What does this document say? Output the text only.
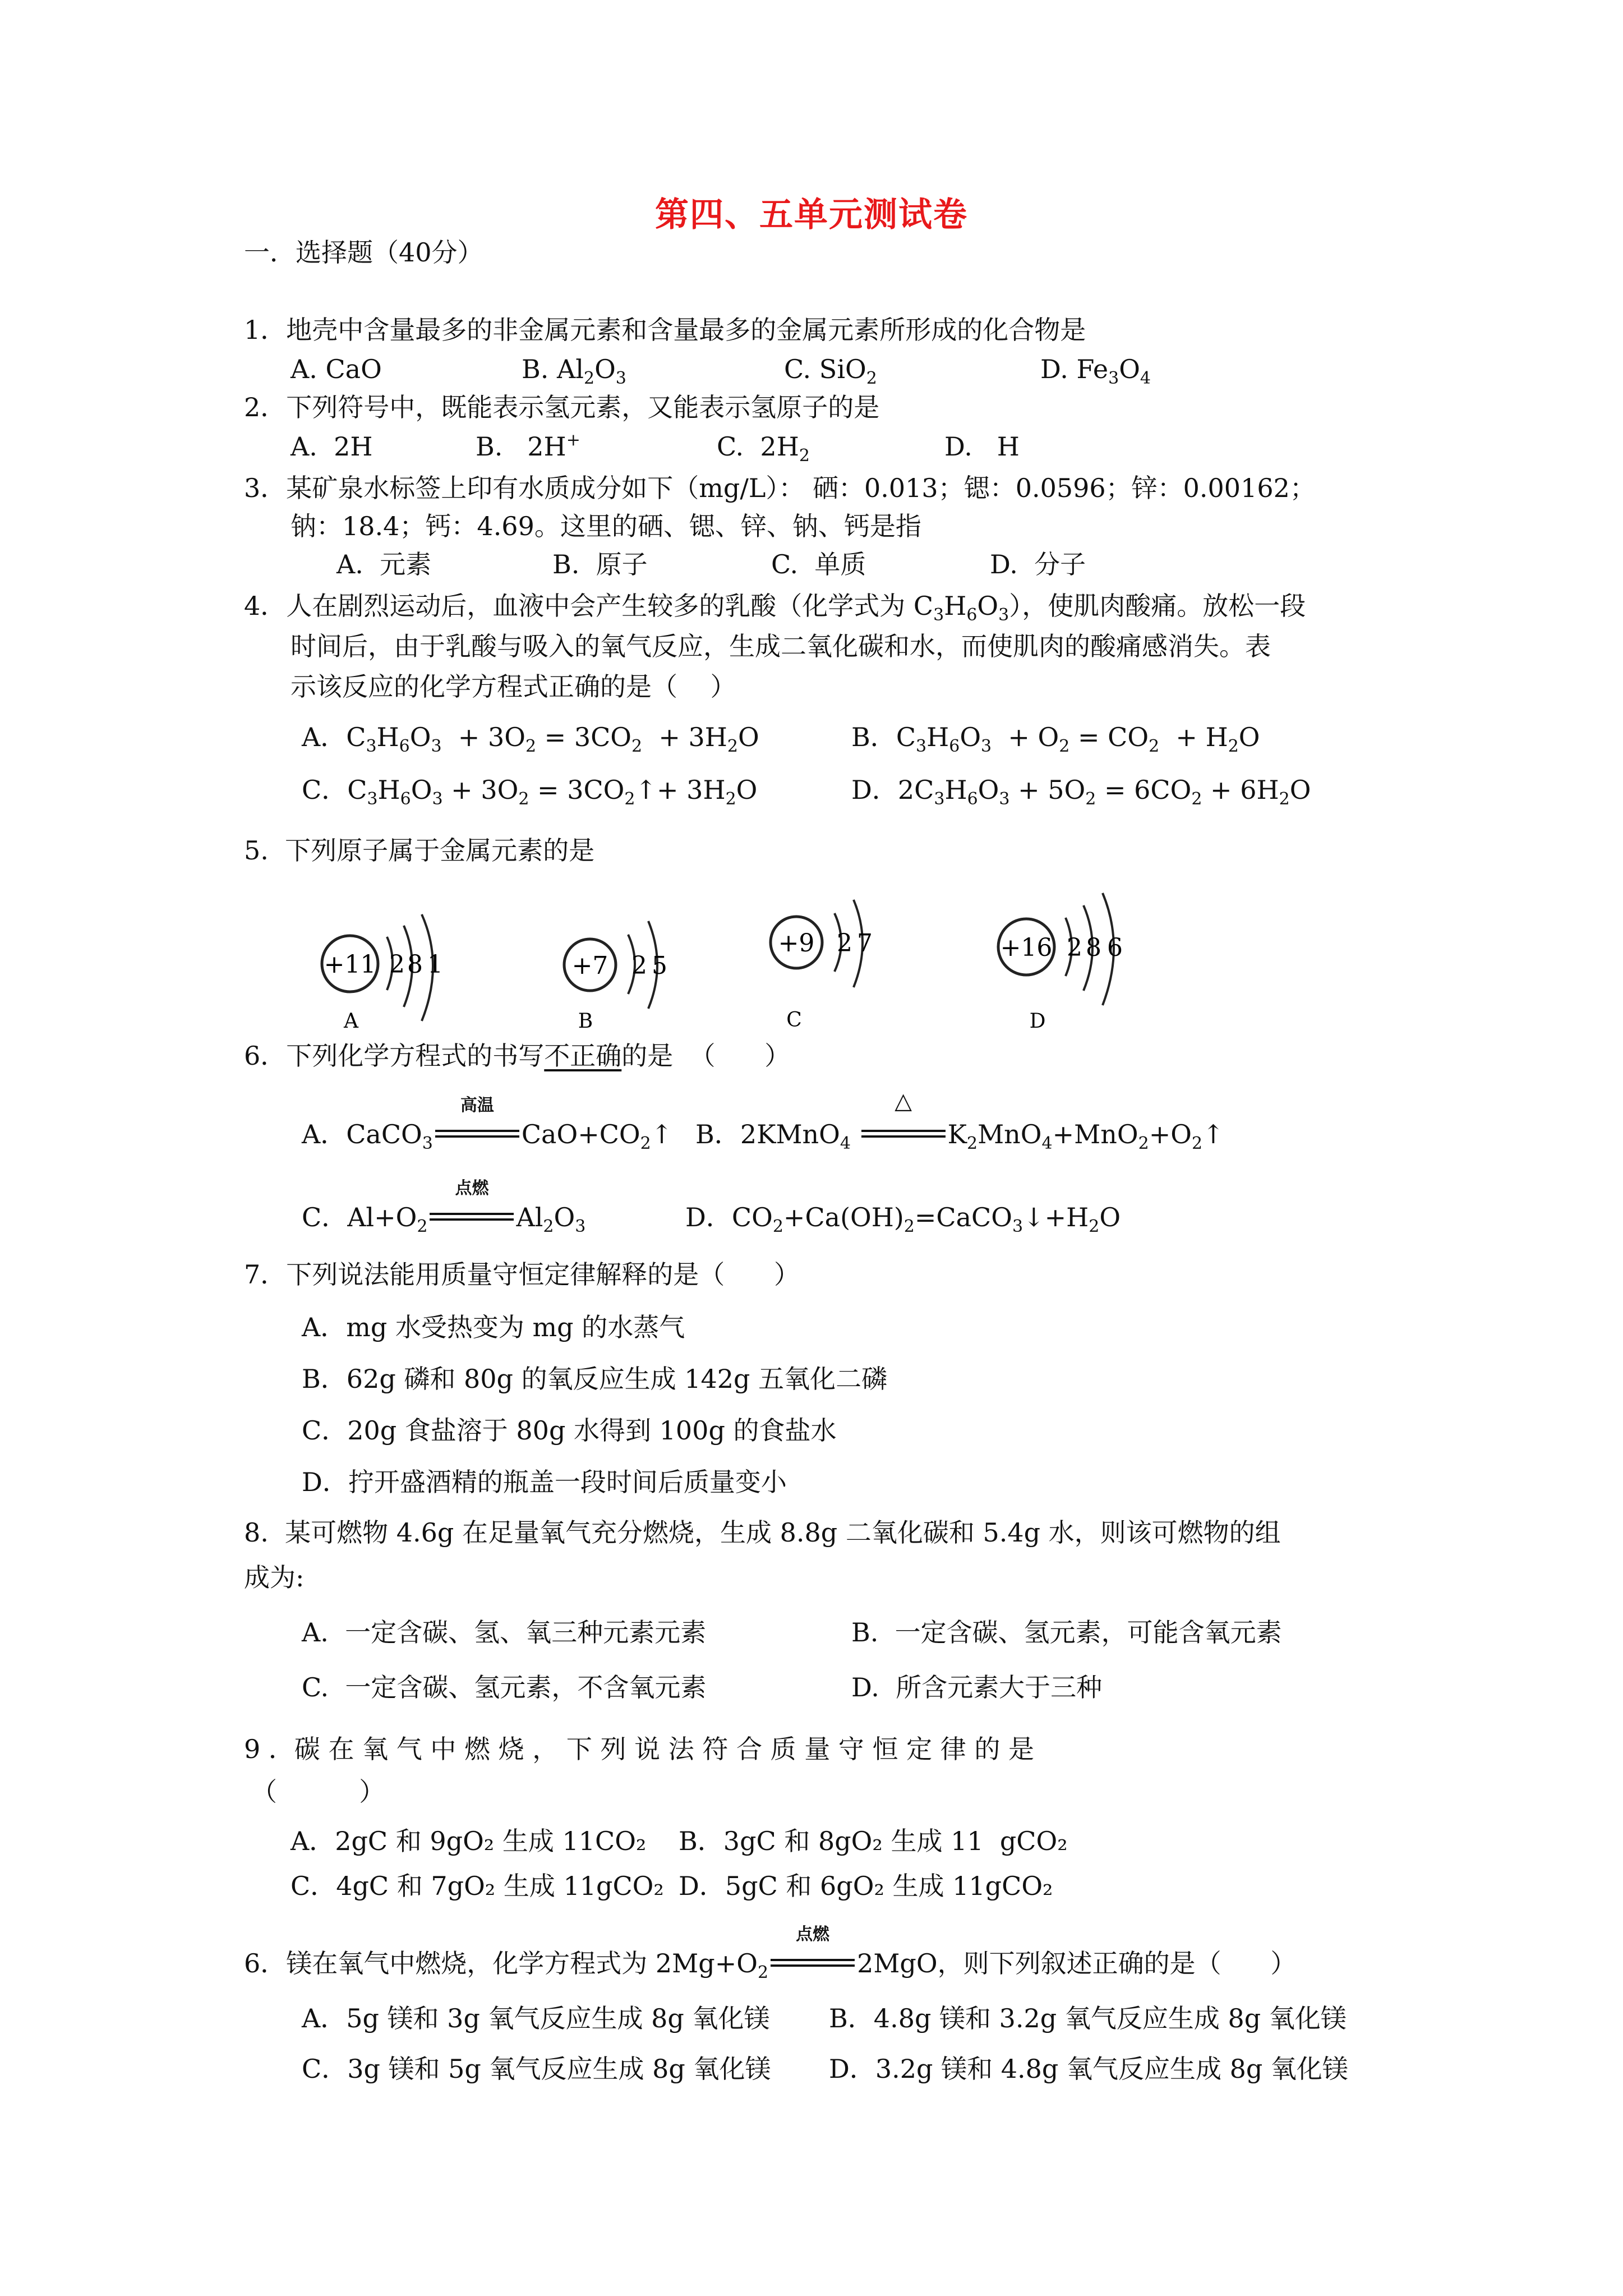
第四、五单元测试卷
一．选择题（40分）
1．地壳中含量最多的非金属元素和含量最多的金属元素所形成的化合物是
A. CaO	B. $Al_2O_3$	C. SiO$_2$	D. $Fe_3O_4$
2．下列符号中，既能表示氢元素，又能表示氢原子的是
A.  2H	B.   2H+	C.  $2H_2$	D.   H
3．某矿泉水标签上印有水质成分如下（mg/L）： 硒：0.013；锶：0.0596；锌：0.00162；
钠：18.4；钙：4.69。这里的硒、锶、锌、钠、钙是指
A.  元素	B.  原子	C.  单质	D.  分子
4．人在剧烈运动后，血液中会产生较多的乳酸（化学式为 $C_3H_6O_3$），使肌肉酸痛。放松一段
时间后，由于乳酸与吸入的氧气反应，生成二氧化碳和水，而使肌肉的酸痛感消失。表
示该反应的化学方程式正确的是（    ）
A．$C_3H_6O_3 + 3O_2 = 3CO_2 + 3H_2O$	B．$C_3H_6O_3 + O_2 = CO_2 + H_2O$
C．$C_3H_6O_3 + 3O_2$ = $3CO_2↑+ 3H_2O$	D．$2C_3H_6O_3 + 5O_2 = 6CO_2 + 6H_2O$
5.  下列原子属于金属元素的是
+11 2 8 1
A
+7 2 5
B
+9 2 7
C
+16 2 8 6
D
6．下列化学方程式的书写不正确的是  （      ）
A．CaCO$_3$
高温
$CaO+CO_2↑$ B．2KMnO$_4$
△
$K_2MnO_4+MnO_2+O_2↑$
C．$Al+O_2$
点燃
$Al_2O_3$	D．$CO_2+Ca(OH)_2=CaCO_3↓+H_2O$
7．下列说法能用质量守恒定律解释的是（      ）
A．mg 水受热变为 mg 的水蒸气
B．62g 磷和 80g 的氧反应生成 142g 五氧化二磷
C．20g 食盐溶于 80g 水得到 100g 的食盐水
D．拧开盛酒精的瓶盖一段时间后质量变小
8.  某可燃物 4.6g 在足量氧气充分燃烧，生成 8.8g 二氧化碳和 5.4g 水，则该可燃物的组
成为:
A.  一定含碳、氢、氧三种元素元素	B.  一定含碳、氢元素，可能含氧元素
C.  一定含碳、氢元素，不含氧元素	D.  所含元素大于三种
9 ．碳 在 氧 气 中 燃 烧 ， 下 列 说 法 符 合 质 量 守 恒 定 律 的 是
（          ）
A．2gC 和 9gO₂ 生成 11CO₂ B．3gC 和 8gO₂ 生成 11  gCO₂
C．4gC 和 7gO₂ 生成 11gCO₂ D．5gC 和 6gO₂ 生成 11gCO₂
6．镁在氧气中燃烧，化学方程式为 $2Mg+O_2$
点燃
2MgO，则下列叙述正确的是（      ）
A．5g 镁和 3g 氧气反应生成 8g 氧化镁 B．4.8g 镁和 3.2g 氧气反应生成 8g 氧化镁
C．3g 镁和 5g 氧气反应生成 8g 氧化镁 D．3.2g 镁和 4.8g 氧气反应生成 8g 氧化镁
